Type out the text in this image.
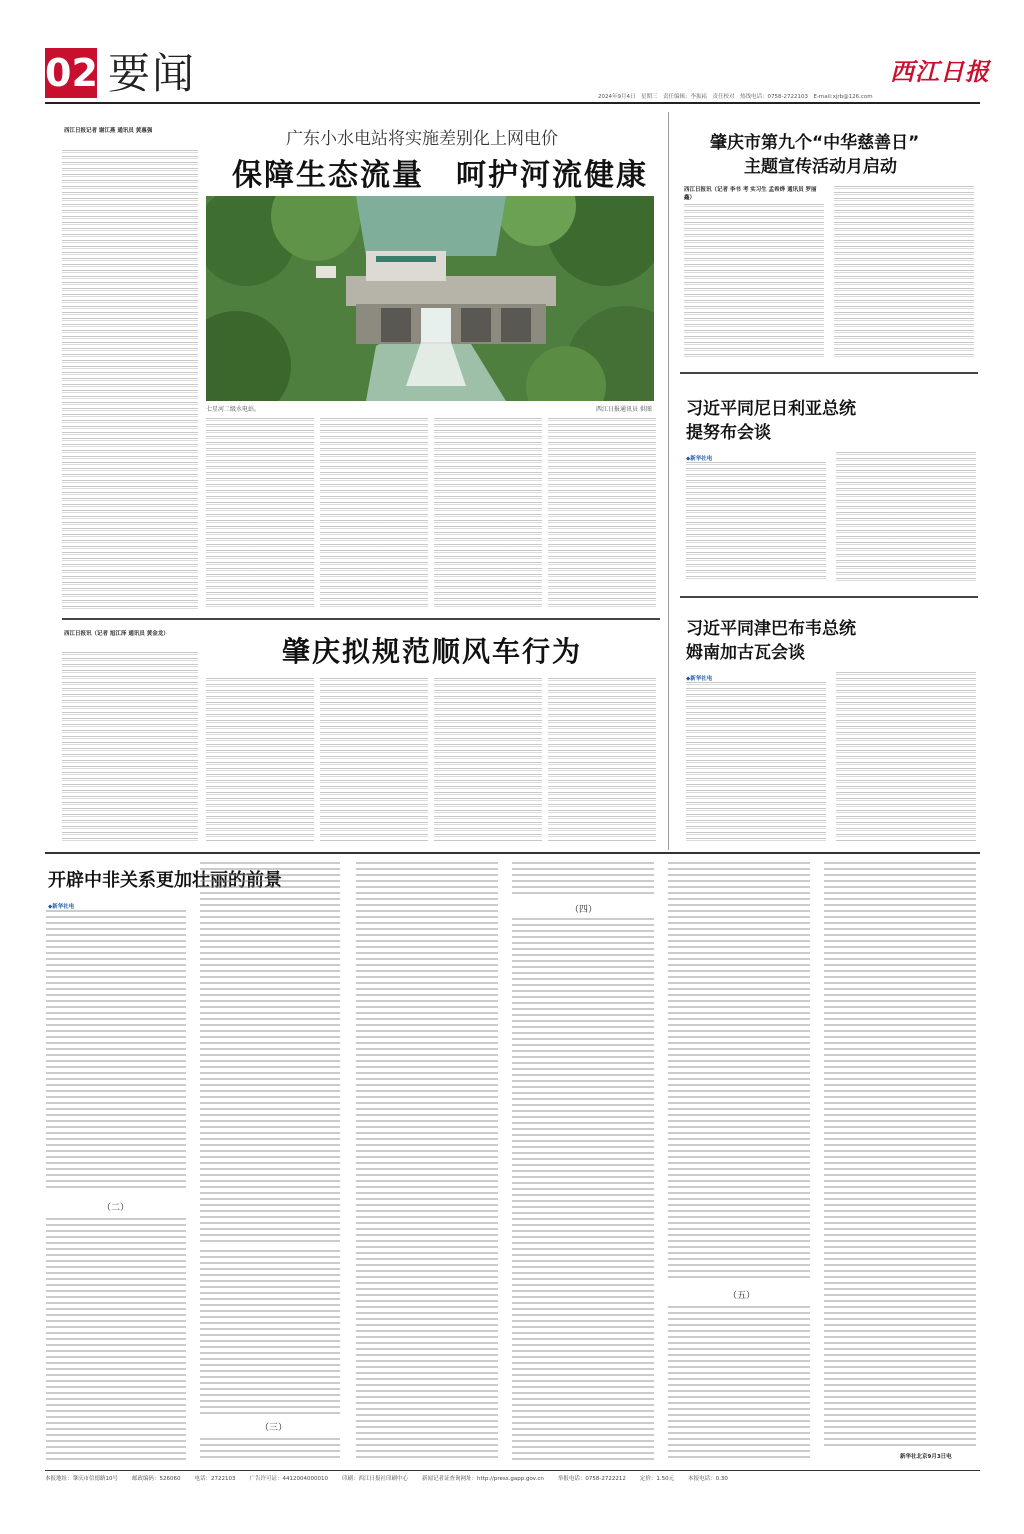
02 要闻	西江日报
2024年9月4日　星期三　责任编辑：李振崧　责任校对　热线电话：0758-2722103　E-mail:xjrb@126.com
西江日报记者 谢江燕 通讯员 黄惠强	广东小水电站将实施差别化上网电价
保障生态流量　呵护河流健康
七星河二级水电站。	西江日报通讯员 供图
肇庆市第九个“中华慈善日”
主题宣传活动月启动
西江日报讯（记者 李书 考 实习生 孟希烨 通讯员 罗丽鑫）
习近平同尼日利亚总统
提努布会谈
◆新华社电
西江日报讯（记者 旭江泽 通讯员 黄金龙）
肇庆拟规范顺风车行为
习近平同津巴布韦总统
姆南加古瓦会谈
◆新华社电
开辟中非关系更加壮丽的前景
◆新华社电
（二）
（三）
（四）
（五）
新华社北京9月3日电
本报地址：肇庆市信德路10号	邮政编码：526060	电话：2722103	广告许可证：4412004000010	印刷：西江日报社印刷中心	新闻记者证查询网址：http://press.gapp.gov.cn	举报电话：0758-2722212	定价：1.50元	本报电话：0.30
